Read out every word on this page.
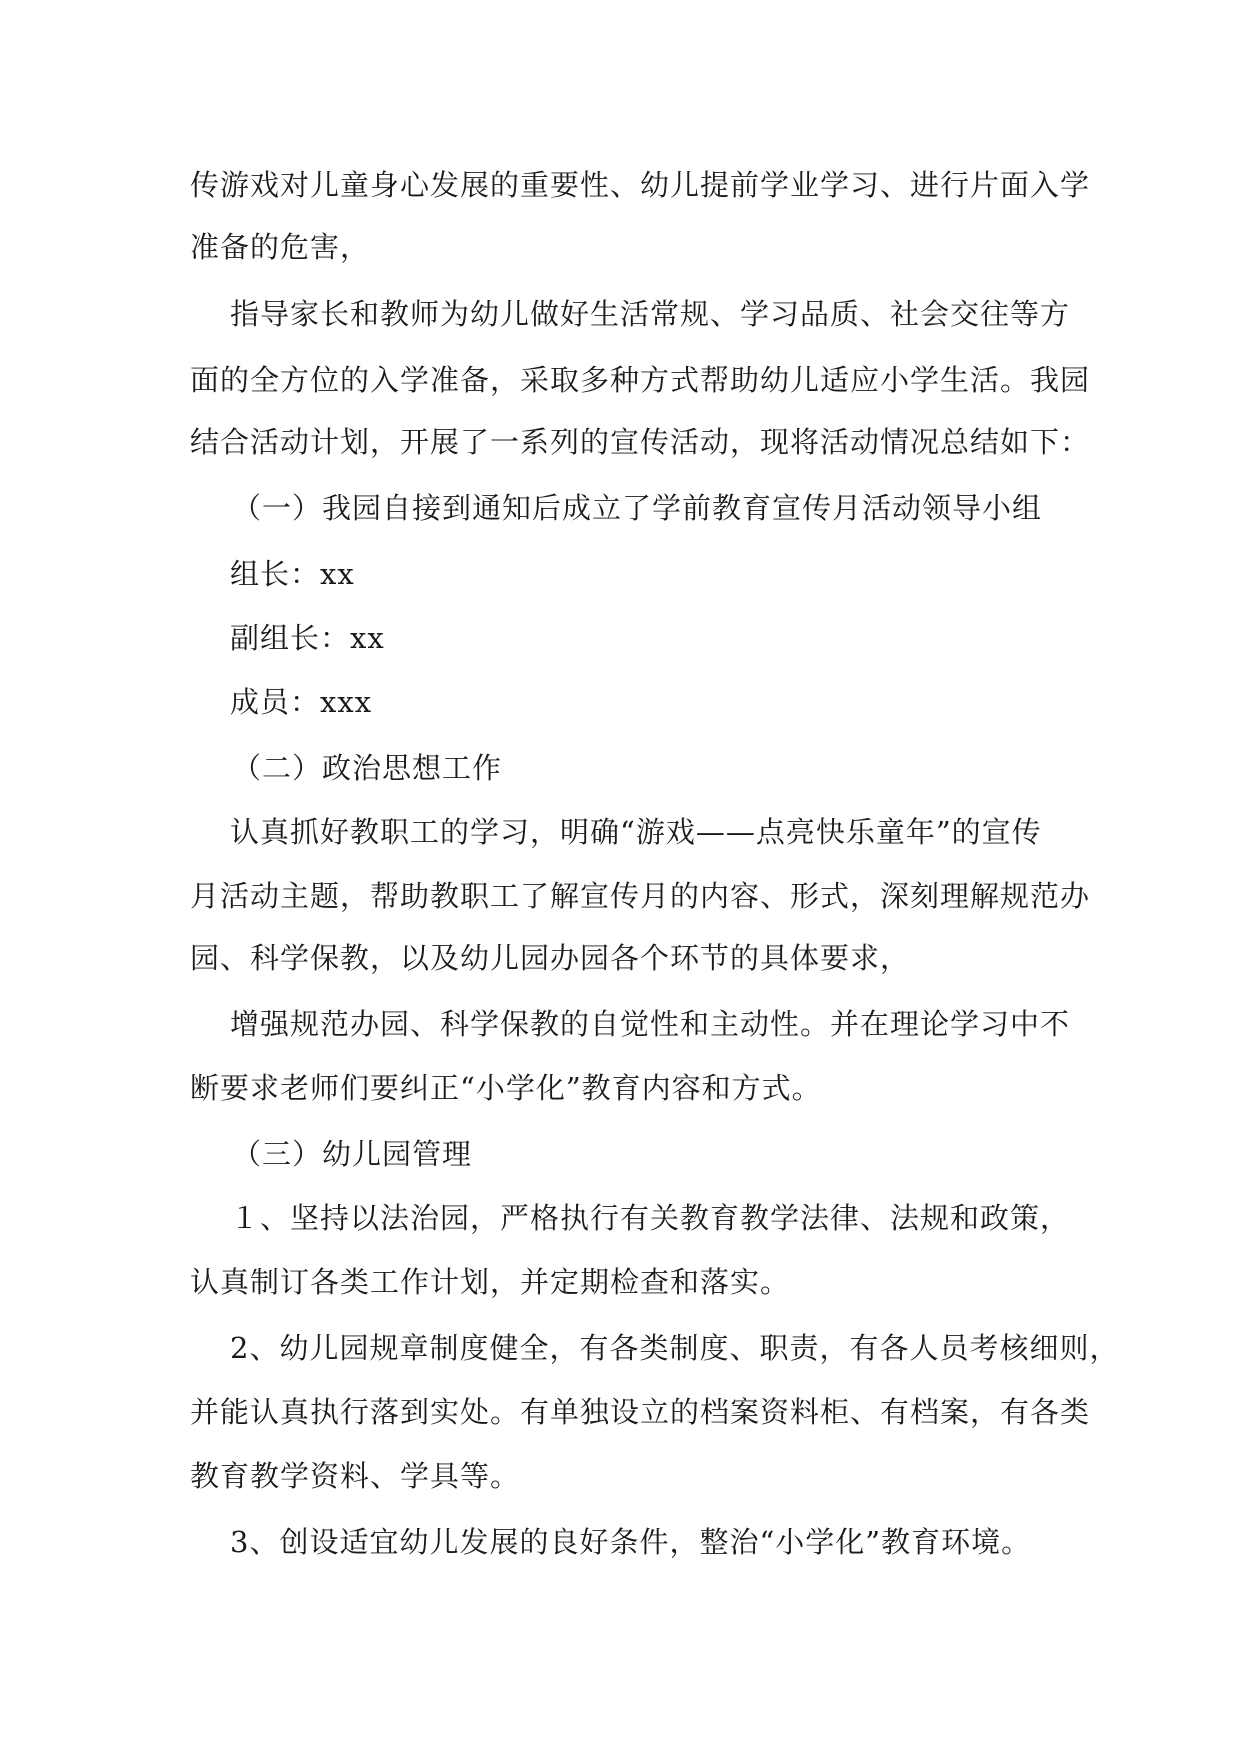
传游戏对儿童身心发展的重要性、幼儿提前学业学习、进行片面入学
准备的危害，
指导家长和教师为幼儿做好生活常规、学习品质、社会交往等方
面的全方位的入学准备，采取多种方式帮助幼儿适应小学生活。我园
结合活动计划，开展了一系列的宣传活动，现将活动情况总结如下：
（一）我园自接到通知后成立了学前教育宣传月活动领导小组
组长：xx
副组长：xx
成员：xxx
（二）政治思想工作
认真抓好教职工的学习，明确“游戏——点亮快乐童年”的宣传
月活动主题，帮助教职工了解宣传月的内容、形式，深刻理解规范办
园、科学保教，以及幼儿园办园各个环节的具体要求，
增强规范办园、科学保教的自觉性和主动性。并在理论学习中不
断要求老师们要纠正“小学化”教育内容和方式。
（三）幼儿园管理
１、坚持以法治园，严格执行有关教育教学法律、法规和政策，
认真制订各类工作计划，并定期检查和落实。
2、幼儿园规章制度健全，有各类制度、职责，有各人员考核细则，
并能认真执行落到实处。有单独设立的档案资料柜、有档案，有各类
教育教学资料、学具等。
3、创设适宜幼儿发展的良好条件，整治“小学化”教育环境。
